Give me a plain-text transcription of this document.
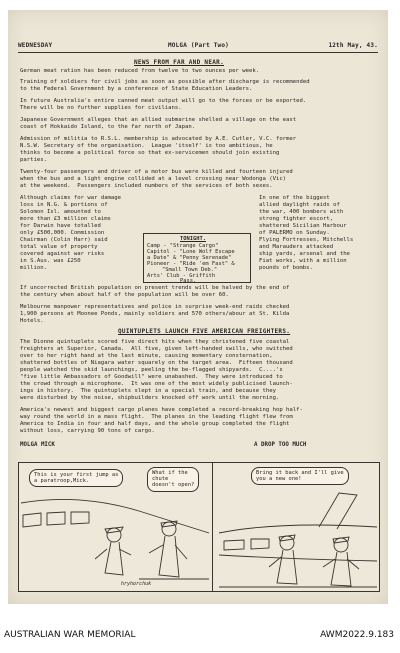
WEDNESDAY	MOLGA (Part Two)	12th May, 43.
NEWS FROM FAR AND NEAR.
German meat ration has been reduced from twelve to two ounces per week.
Training of soldiers for civil jobs as soon as possible after discharge is recommended
to the Federal Government by a conference of State Education Leaders.
In future Australia's entire canned meat output will go to the forces or be exported.
There will be no further supplies for civilians.
Japanese Government alleges that an allied submarine shelled a village on the east
coast of Hokkaido Island, to the far north of Japan.
Admission of militia to R.S.L. membership is advocated by A.E. Cutler, V.C. former
N.S.W. Secretary of the organisation.  League 'itself' is too ambitious, he
thinks to become a political force so that ex-servicemen should join existing
parties.
Twenty-four passengers and driver of a motor bus were killed and fourteen injured
when the bus and a light engine collided at a level crossing near Wodonga (Vic)
at the weekend.  Passengers included numbers of the services of both sexes.
Although claims for war damage
loss in N.G. & portions of
Solomon Isl. amounted to
more than £3 million claims
for Darwin have totalled
only £500,000. Commission
Chairman (Colin Harr) said
total value of property
covered against war risks
in S.Aus. was £250
million.
TONIGHT.
Camp - "Strange Cargo"
Capitol - "Lone Wolf Escape
a Date" & "Penny Serenade"
Pioneer - "Ride 'em Fast" &
"Small Town Deb."
Arts' Club - Griffith
Pass.
In one of the biggest
allied daylight raids of
the war, 400 bombers with
strong fighter escort,
shattered Sicilian Harbour
of PALERMO on Sunday.
Flying Fortresses, Mitchells
and Marauders attacked
ship yards, arsenal and the
Fiat works, with a million
pounds of bombs.
If uncorrected British population on present trends will be halved by the end of
the century when about half of the population will be over 60.
Melbourne manpower representatives and police in surprise week-end raids checked
1,900 persons at Moonee Ponds, mainly soldiers and 570 others/abour at St. Kilda
Hotels.
QUINTUPLETS LAUNCH FIVE AMERICAN FREIGHTERS.
The Dionne quintuplets scored five direct hits when they christened five coastal
freighters at Superior, Canada.  All five, given left-handed swills, who switched
over to her right hand at the last minute, causing momentary consternation,
shattered bottles of Niagara water squarely on the target area.  Fifteen thousand
people watched the skid launchings, peeling the be-flagged shipyards.  C....'s
"five little Ambassadors of Goodwill" were unabashed.  They were introduced to
the crowd through a microphone.  It was one of the most widely publicised launch-
ings in history.  The quintuplets slept in a special train, and because they
were disturbed by the noise, shipbuilders knocked off work until the morning.
America's newest and biggest cargo planes have completed a record-breaking hop half-
way round the world in a mass flight.  The planes in the leading flight flew from
America to India in four and half days, and the whole group completed the flight
without loss, carrying 90 tons of cargo.
MOLGA MICK	A DROP TOO MUCH
This is your first jump as
a paratroop,Mick.
What if the
chute
doesn't open?
Bring it back and I'll give
you a new one!
hryhorchuk
AUSTRALIAN WAR MEMORIAL	AWM2022.9.183
